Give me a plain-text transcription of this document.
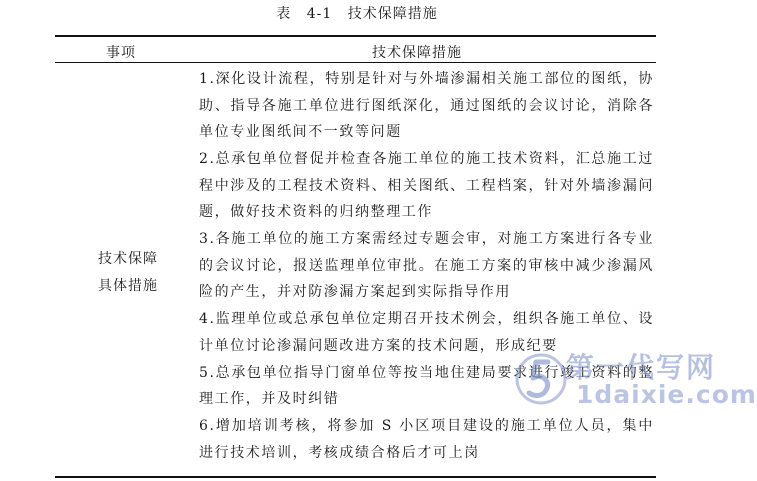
表 4-1 技术保障措施
事项	技术保障措施
技术保障
具体措施

1.深化设计流程，特别是针对与外墙渗漏相关施工部位的图纸，协助、指导各施工单位进行图纸深化，通过图纸的会议讨论，消除各单位专业图纸间不一致等问题

2.总承包单位督促并检查各施工单位的施工技术资料，汇总施工过程中涉及的工程技术资料、相关图纸、工程档案，针对外墙渗漏问题，做好技术资料的归纳整理工作

3.各施工单位的施工方案需经过专题会审，对施工方案进行各专业的会议讨论，报送监理单位审批。在施工方案的审核中减少渗漏风险的产生，并对防渗漏方案起到实际指导作用

4.监理单位或总承包单位定期召开技术例会，组织各施工单位、设计单位讨论渗漏问题改进方案的技术问题，形成纪要

5.总承包单位指导门窗单位等按当地住建局要求进行竣工资料的整理工作，并及时纠错

6.增加培训考核，将参加 S 小区项目建设的施工单位人员，集中进行技术培训，考核成绩合格后才可上岗

第一代写网
1daixie.com
